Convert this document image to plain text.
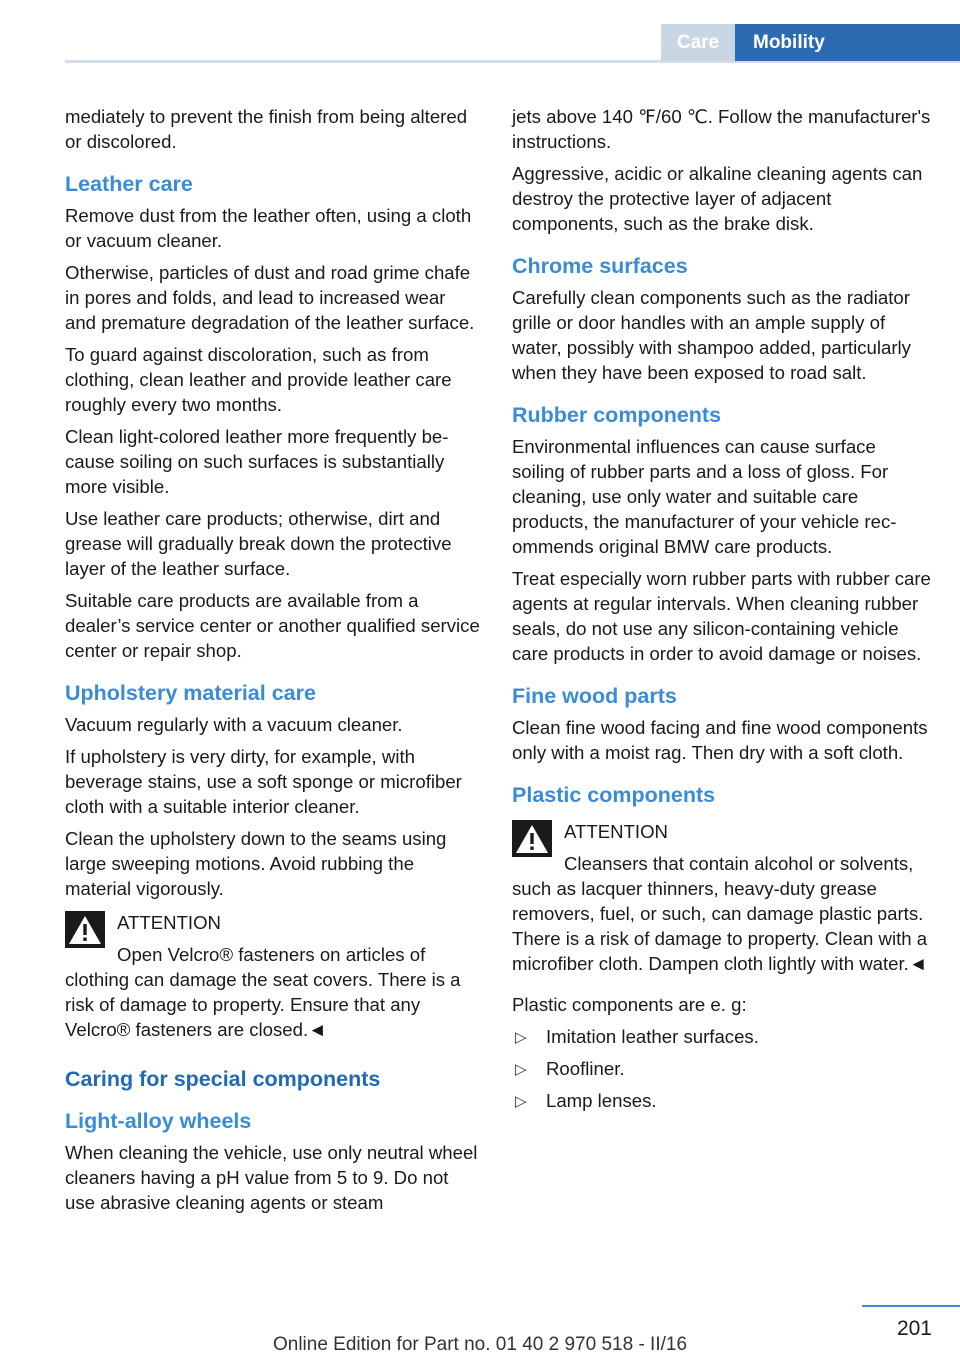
Care	Mobility

mediately to prevent the finish from being altered or discolored.

Leather care

Remove dust from the leather often, using a cloth or vacuum cleaner.

Otherwise, particles of dust and road grime chafe in pores and folds, and lead to increased wear and premature degradation of the leather surface.

To guard against discoloration, such as from clothing, clean leather and provide leather care roughly every two months.

Clean light-colored leather more frequently because soiling on such surfaces is substantially more visible.

Use leather care products; otherwise, dirt and grease will gradually break down the protective layer of the leather surface.

Suitable care products are available from a dealer’s service center or another qualified service center or repair shop.

Upholstery material care

Vacuum regularly with a vacuum cleaner.

If upholstery is very dirty, for example, with beverage stains, use a soft sponge or microfiber cloth with a suitable interior cleaner.

Clean the upholstery down to the seams using large sweeping motions. Avoid rubbing the material vigorously.

ATTENTION
Open Velcro® fasteners on articles of clothing can damage the seat covers. There is a risk of damage to property. Ensure that any Velcro® fasteners are closed.◄
Caring for special components
Light-alloy wheels

When cleaning the vehicle, use only neutral wheel cleaners having a pH value from 5 to 9. Do not use abrasive cleaning agents or steam

jets above 140 ℉/60 ℃. Follow the manufacturer's instructions.

Aggressive, acidic or alkaline cleaning agents can destroy the protective layer of adjacent components, such as the brake disk.

Chrome surfaces

Carefully clean components such as the radiator grille or door handles with an ample supply of water, possibly with shampoo added, particularly when they have been exposed to road salt.

Rubber components

Environmental influences can cause surface soiling of rubber parts and a loss of gloss. For cleaning, use only water and suitable care products, the manufacturer of your vehicle recommends original BMW care products.

Treat especially worn rubber parts with rubber care agents at regular intervals. When cleaning rubber seals, do not use any silicon-containing vehicle care products in order to avoid damage or noises.

Fine wood parts

Clean fine wood facing and fine wood components only with a moist rag. Then dry with a soft cloth.

Plastic components
ATTENTION
Cleansers that contain alcohol or solvents, such as lacquer thinners, heavy-duty grease removers, fuel, or such, can damage plastic parts. There is a risk of damage to property. Clean with a microfiber cloth. Dampen cloth lightly with water.◄

Plastic components are e. g:

▷ Imitation leather surfaces.
▷ Roofliner.
▷ Lamp lenses.
201
Online Edition for Part no. 01 40 2 970 518 - II/16
